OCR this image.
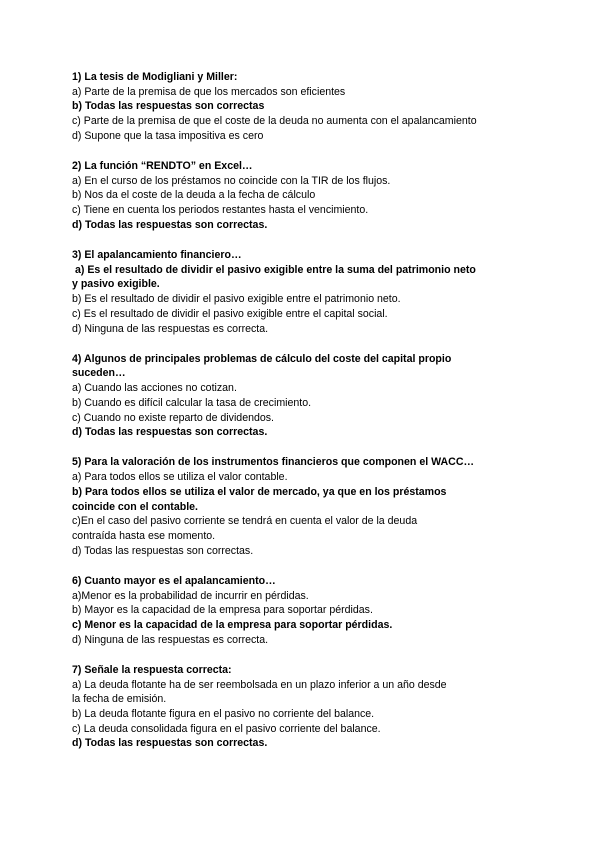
1) La tesis de Modigliani y Miller:
a) Parte de la premisa de que los mercados son eficientes
b) Todas las respuestas son correctas
c) Parte de la premisa de que el coste de la deuda no aumenta con el apalancamiento
d) Supone que la tasa impositiva es cero
2) La función “RENDTO” en Excel…
a) En el curso de los préstamos no coincide con la TIR de los flujos.
b) Nos da el coste de la deuda a la fecha de cálculo
c) Tiene en cuenta los periodos restantes hasta el vencimiento.
d) Todas las respuestas son correctas.
3) El apalancamiento financiero…
a) Es el resultado de dividir el pasivo exigible entre la suma del patrimonio neto
y pasivo exigible.
b) Es el resultado de dividir el pasivo exigible entre el patrimonio neto.
c) Es el resultado de dividir el pasivo exigible entre el capital social.
d) Ninguna de las respuestas es correcta.
4) Algunos de principales problemas de cálculo del coste del capital propio
suceden…
a) Cuando las acciones no cotizan.
b) Cuando es difícil calcular la tasa de crecimiento.
c) Cuando no existe reparto de dividendos.
d) Todas las respuestas son correctas.
5) Para la valoración de los instrumentos financieros que componen el WACC…
a) Para todos ellos se utiliza el valor contable.
b) Para todos ellos se utiliza el valor de mercado, ya que en los préstamos
coincide con el contable.
c)En el caso del pasivo corriente se tendrá en cuenta el valor de la deuda
contraída hasta ese momento.
d) Todas las respuestas son correctas.
6) Cuanto mayor es el apalancamiento…
a)Menor es la probabilidad de incurrir en pérdidas.
b) Mayor es la capacidad de la empresa para soportar pérdidas.
c) Menor es la capacidad de la empresa para soportar pérdidas.
d) Ninguna de las respuestas es correcta.
7) Señale la respuesta correcta:
a) La deuda flotante ha de ser reembolsada en un plazo inferior a un año desde
la fecha de emisión.
b) La deuda flotante figura en el pasivo no corriente del balance.
c) La deuda consolidada figura en el pasivo corriente del balance.
d) Todas las respuestas son correctas.
